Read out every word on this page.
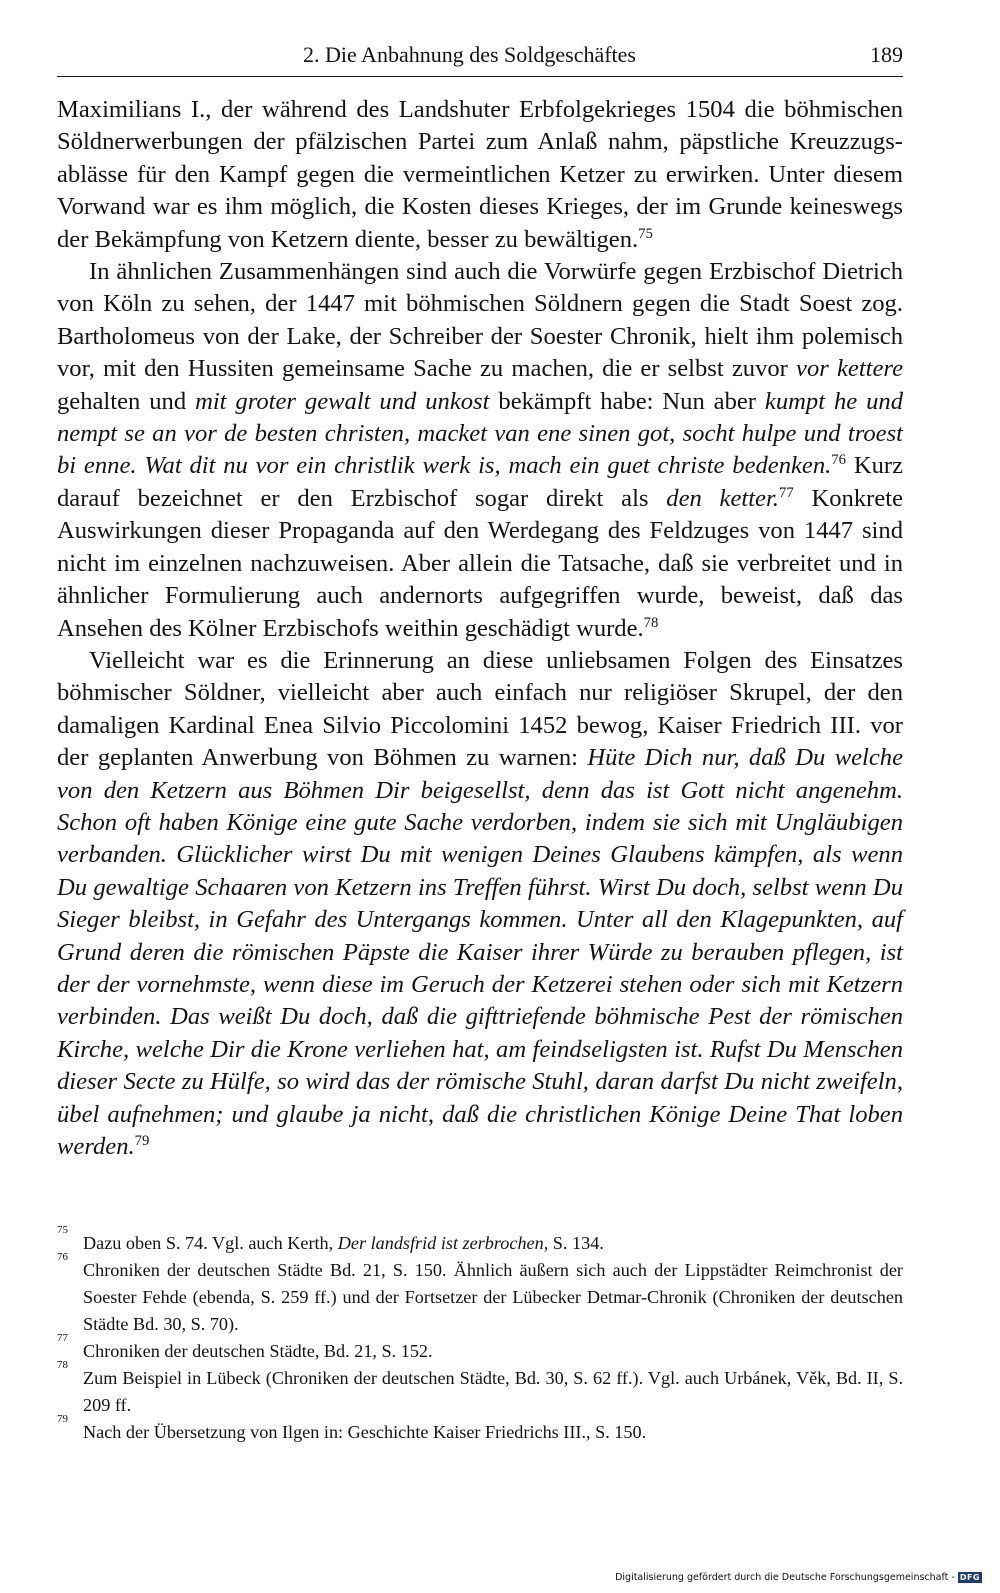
2. Die Anbahnung des Soldgeschäftes	189

Maximilians I., der während des Landshuter Erbfolgekrieges 1504 die böhmischen Söldnerwerbungen der pfälzischen Partei zum Anlaß nahm, päpstliche Kreuzzugsablässe für den Kampf gegen die vermeintlichen Ketzer zu erwirken. Unter diesem Vorwand war es ihm möglich, die Kosten dieses Krieges, der im Grunde keineswegs der Bekämpfung von Ketzern diente, besser zu bewältigen.$^{75}$

In ähnlichen Zusammenhängen sind auch die Vorwürfe gegen Erzbischof Dietrich von Köln zu sehen, der 1447 mit böhmischen Söldnern gegen die Stadt Soest zog. Bartholomeus von der Lake, der Schreiber der Soester Chronik, hielt ihm polemisch vor, mit den Hussiten gemeinsame Sache zu machen, die er selbst zuvor vor kettere gehalten und mit groter gewalt und unkost bekämpft habe: Nun aber kumpt he und nempt se an vor de besten christen, macket van ene sinen got, socht hulpe und troest bi enne. Wat dit nu vor ein christlik werk is, mach ein guet christe bedenken.$^{76}$ Kurz darauf bezeichnet er den Erzbischof sogar direkt als den ketter.$^{77}$ Konkrete Auswirkungen dieser Propaganda auf den Werdegang des Feldzuges von 1447 sind nicht im einzelnen nachzuweisen. Aber allein die Tatsache, daß sie verbreitet und in ähnlicher Formulierung auch andernorts aufgegriffen wurde, beweist, daß das Ansehen des Kölner Erzbischofs weithin geschädigt wurde.$^{78}$

Vielleicht war es die Erinnerung an diese unliebsamen Folgen des Einsatzes böhmischer Söldner, vielleicht aber auch einfach nur religiöser Skrupel, der den damaligen Kardinal Enea Silvio Piccolomini 1452 bewog, Kaiser Friedrich III. vor der geplanten Anwerbung von Böhmen zu warnen: Hüte Dich nur, daß Du welche von den Ketzern aus Böhmen Dir beigesellst, denn das ist Gott nicht angenehm. Schon oft haben Könige eine gute Sache verdorben, indem sie sich mit Ungläubigen verbanden. Glücklicher wirst Du mit wenigen Deines Glaubens kämpfen, als wenn Du gewaltige Schaaren von Ketzern ins Treffen führst. Wirst Du doch, selbst wenn Du Sieger bleibst, in Gefahr des Untergangs kommen. Unter all den Klagepunkten, auf Grund deren die römischen Päpste die Kaiser ihrer Würde zu berauben pflegen, ist der der vornehmste, wenn diese im Geruch der Ketzerei stehen oder sich mit Ketzern verbinden. Das weißt Du doch, daß die gifttriefende böhmische Pest der römischen Kirche, welche Dir die Krone verliehen hat, am feindseligsten ist. Rufst Du Menschen dieser Secte zu Hülfe, so wird das der römische Stuhl, daran darfst Du nicht zweifeln, übel aufnehmen; und glaube ja nicht, daß die christlichen Könige Deine That loben werden.$^{79}$

75
Dazu oben S. 74. Vgl. auch Kerth, Der landsfrid ist zerbrochen, S. 134.

76
Chroniken der deutschen Städte Bd. 21, S. 150. Ähnlich äußern sich auch der Lippstädter Reimchronist der Soester Fehde (ebenda, S. 259 ff.) und der Fortsetzer der Lübecker Detmar-Chronik (Chroniken der deutschen Städte Bd. 30, S. 70).

77
Chroniken der deutschen Städte, Bd. 21, S. 152.

78
Zum Beispiel in Lübeck (Chroniken der deutschen Städte, Bd. 30, S. 62 ff.). Vgl. auch Urbánek, Věk, Bd. II, S. 209 ff.

79
Nach der Übersetzung von Ilgen in: Geschichte Kaiser Friedrichs III., S. 150.

Digitalisierung gefördert durch die Deutsche Forschungsgemeinschaft - DFG
